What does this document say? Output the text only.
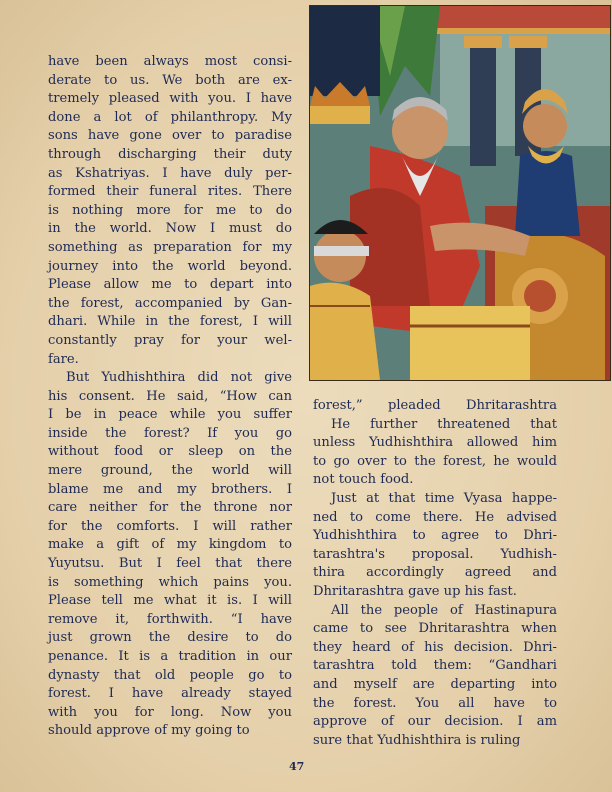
have been always most consi-
derate to us. We both are ex-
tremely pleased with you. I have
done a lot of philanthropy. My
sons have gone over to paradise
through discharging their duty
as Kshatriyas. I have duly per-
formed their funeral rites. There
is nothing more for me to do
in the world. Now I must do
something as preparation for my
journey into the world beyond.
Please allow me to depart into
the forest, accompanied by Gan-
dhari. While in the forest, I will
constantly pray for your wel-
fare.
But Yudhishthira did not give
his consent. He said, “How can
I be in peace while you suffer
inside the forest? If you go
without food or sleep on the
mere ground, the world will
blame me and my brothers. I
care neither for the throne nor
for the comforts. I will rather
make a gift of my kingdom to
Yuyutsu. But I feel that there
is something which pains you.
Please tell me what it is. I will
remove it, forthwith. “I have
just grown the desire to do
penance. It is a tradition in our
dynasty that old people go to
forest. I have already stayed
with you for long. Now you
should approve of my going to
forest,” pleaded Dhritarashtra
He further threatened that
unless Yudhishthira allowed him
to go over to the forest, he would
not touch food.
Just at that time Vyasa happe-
ned to come there. He advised
Yudhishthira to agree to Dhri-
tarashtra's proposal. Yudhish-
thira accordingly agreed and
Dhritarashtra gave up his fast.
All the people of Hastinapura
came to see Dhritarashtra when
they heard of his decision. Dhri-
tarashtra told them: “Gandhari
and myself are departing into
the forest. You all have to
approve of our decision. I am
sure that Yudhishthira is ruling
47
